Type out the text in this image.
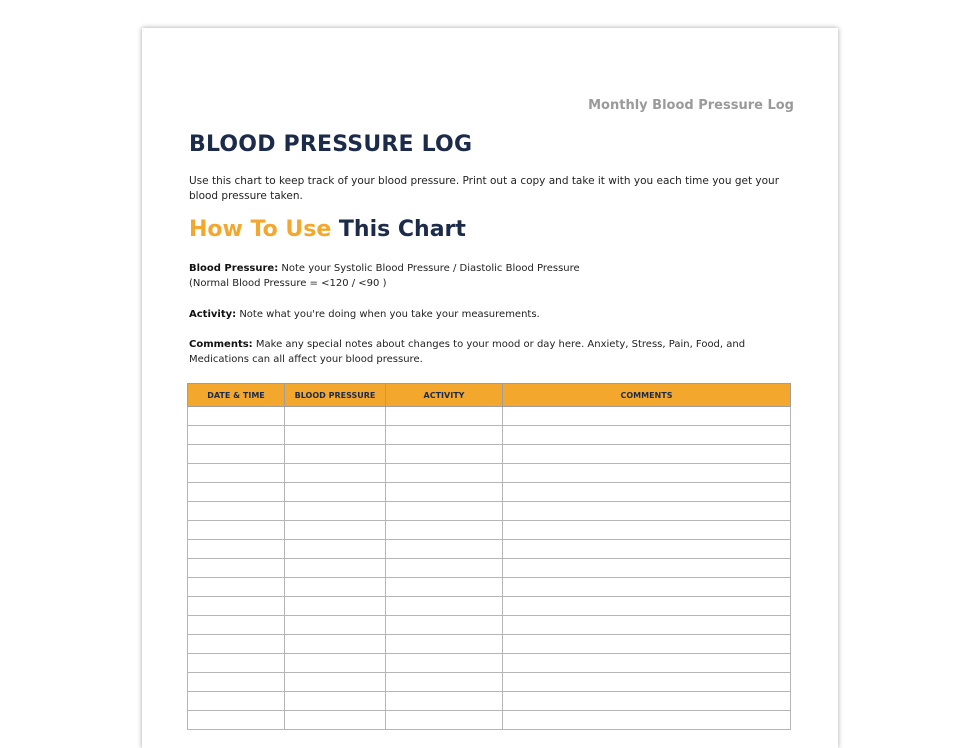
Monthly Blood Pressure Log
BLOOD PRESSURE LOG

Use this chart to keep track of your blood pressure. Print out a copy and take it with you each time you get your blood pressure taken.

How To Use This Chart

Blood Pressure: Note your Systolic Blood Pressure / Diastolic Blood Pressure
(Normal Blood Pressure = <120 / <90 )

Activity: Note what you're doing when you take your measurements.

Comments: Make any special notes about changes to your mood or day here. Anxiety, Stress, Pain, Food, and Medications can all affect your blood pressure.

DATE & TIME	BLOOD PRESSURE	ACTIVITY	COMMENTS
